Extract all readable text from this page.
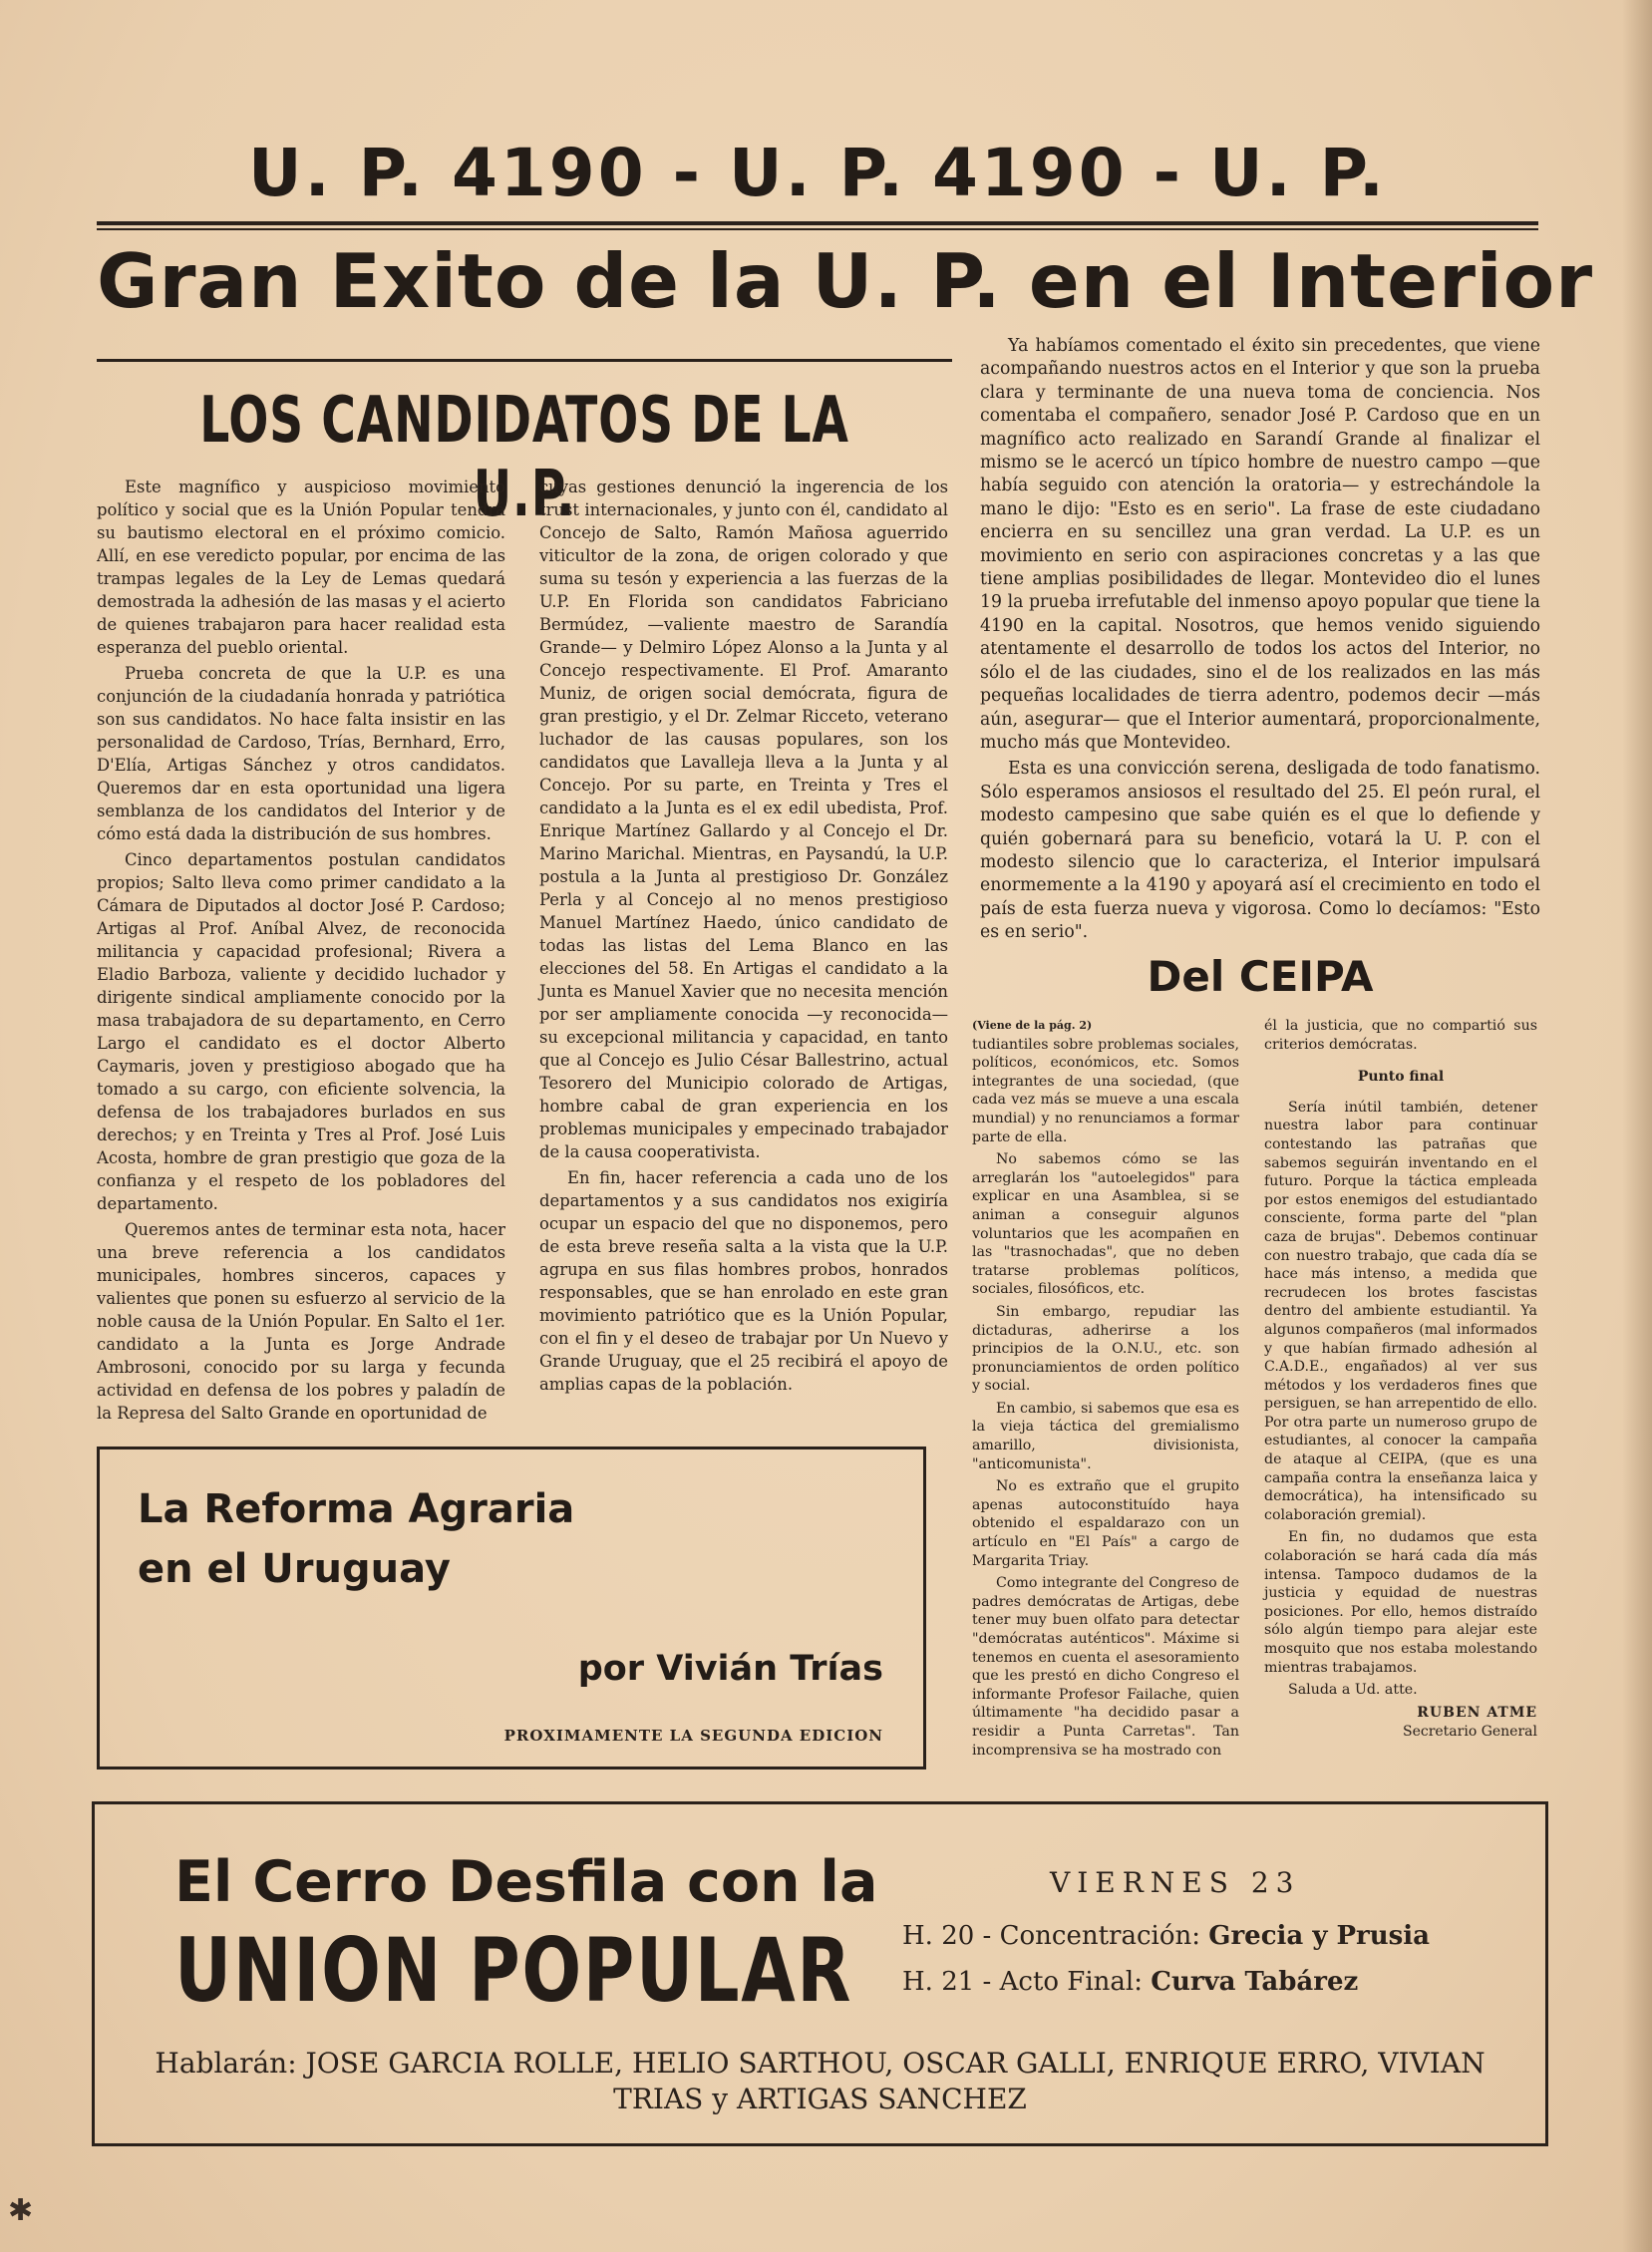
U. P. 4190 - U. P. 4190 - U. P.
Gran Exito de la U. P. en el Interior
LOS CANDIDATOS DE LA U.P.

Este magnífico y auspicioso movimiento político y social que es la Unión Popular tendrá su bautismo electoral en el próximo comicio. Allí, en ese veredicto popular, por encima de las trampas legales de la Ley de Lemas quedará demostrada la adhesión de las masas y el acierto de quienes trabajaron para hacer realidad esta esperanza del pueblo oriental.

Prueba concreta de que la U.P. es una conjunción de la ciudadanía honrada y patriótica son sus candidatos. No hace falta insistir en las personalidad de Cardoso, Trías, Bernhard, Erro, D'Elía, Artigas Sánchez y otros candidatos. Queremos dar en esta oportunidad una ligera semblanza de los candidatos del Interior y de cómo está dada la distribución de sus hombres.

Cinco departamentos postulan candidatos propios; Salto lleva como primer candidato a la Cámara de Diputados al doctor José P. Cardoso; Artigas al Prof. Aníbal Alvez, de reconocida militancia y capacidad profesional; Rivera a Eladio Barboza, valiente y decidido luchador y dirigente sindical ampliamente conocido por la masa trabajadora de su departamento, en Cerro Largo el candidato es el doctor Alberto Caymaris, joven y prestigioso abogado que ha tomado a su cargo, con eficiente solvencia, la defensa de los trabajadores burlados en sus derechos; y en Treinta y Tres al Prof. José Luis Acosta, hombre de gran prestigio que goza de la confianza y el respeto de los pobladores del departamento.

Queremos antes de terminar esta nota, hacer una breve referencia a los candidatos municipales, hombres sinceros, capaces y valientes que ponen su esfuerzo al servicio de la noble causa de la Unión Popular. En Salto el 1er. candidato a la Junta es Jorge Andrade Ambrosoni, conocido por su larga y fecunda actividad en defensa de los pobres y paladín de la Represa del Salto Grande en oportunidad de

cuyas gestiones denunció la ingerencia de los trust internacionales, y junto con él, candidato al Concejo de Salto, Ramón Mañosa aguerrido viticultor de la zona, de origen colorado y que suma su tesón y experiencia a las fuerzas de la U.P. En Florida son candidatos Fabriciano Bermúdez, —valiente maestro de Sarandía Grande— y Delmiro López Alonso a la Junta y al Concejo respectivamente. El Prof. Amaranto Muniz, de origen social demócrata, figura de gran prestigio, y el Dr. Zelmar Ricceto, veterano luchador de las causas populares, son los candidatos que Lavalleja lleva a la Junta y al Concejo. Por su parte, en Treinta y Tres el candidato a la Junta es el ex edil ubedista, Prof. Enrique Martínez Gallardo y al Concejo el Dr. Marino Marichal. Mientras, en Paysandú, la U.P. postula a la Junta al prestigioso Dr. González Perla y al Concejo al no menos prestigioso Manuel Martínez Haedo, único candidato de todas las listas del Lema Blanco en las elecciones del 58. En Artigas el candidato a la Junta es Manuel Xavier que no necesita mención por ser ampliamente conocida —y reconocida— su excepcional militancia y capacidad, en tanto que al Concejo es Julio César Ballestrino, actual Tesorero del Municipio colorado de Artigas, hombre cabal de gran experiencia en los problemas municipales y empecinado trabajador de la causa cooperativista.

En fin, hacer referencia a cada uno de los departamentos y a sus candidatos nos exigiría ocupar un espacio del que no disponemos, pero de esta breve reseña salta a la vista que la U.P. agrupa en sus filas hombres probos, honrados responsables, que se han enrolado en este gran movimiento patriótico que es la Unión Popular, con el fin y el deseo de trabajar por Un Nuevo y Grande Uruguay, que el 25 recibirá el apoyo de amplias capas de la población.

Ya habíamos comentado el éxito sin precedentes, que viene acompañando nuestros actos en el Interior y que son la prueba clara y terminante de una nueva toma de conciencia. Nos comentaba el compañero, senador José P. Cardoso que en un magnífico acto realizado en Sarandí Grande al finalizar el mismo se le acercó un típico hombre de nuestro campo —que había seguido con atención la oratoria— y estrechándole la mano le dijo: "Esto es en serio". La frase de este ciudadano encierra en su sencillez una gran verdad. La U.P. es un movimiento en serio con aspiraciones concretas y a las que tiene amplias posibilidades de llegar. Montevideo dio el lunes 19 la prueba irrefutable del inmenso apoyo popular que tiene la 4190 en la capital. Nosotros, que hemos venido siguiendo atentamente el desarrollo de todos los actos del Interior, no sólo el de las ciudades, sino el de los realizados en las más pequeñas localidades de tierra adentro, podemos decir —más aún, asegurar— que el Interior aumentará, proporcionalmente, mucho más que Montevideo.

Esta es una convicción serena, desligada de todo fanatismo. Sólo esperamos ansiosos el resultado del 25. El peón rural, el modesto campesino que sabe quién es el que lo defiende y quién gobernará para su beneficio, votará la U. P. con el modesto silencio que lo caracteriza, el Interior impulsará enormemente a la 4190 y apoyará así el crecimiento en todo el país de esta fuerza nueva y vigorosa. Como lo decíamos: "Esto es en serio".

Del CEIPA

(Viene de la pág. 2)

tudiantiles sobre problemas sociales, políticos, económicos, etc. Somos integrantes de una sociedad, (que cada vez más se mueve a una escala mundial) y no renunciamos a formar parte de ella.

No sabemos cómo se las arreglarán los "autoelegidos" para explicar en una Asamblea, si se animan a conseguir algunos voluntarios que les acompañen en las "trasnochadas", que no deben tratarse problemas políticos, sociales, filosóficos, etc.

Sin embargo, repudiar las dictaduras, adherirse a los principios de la O.N.U., etc. son pronunciamientos de orden político y social.

En cambio, si sabemos que esa es la vieja táctica del gremialismo amarillo, divisionista, "anticomunista".

No es extraño que el grupito apenas autoconstituído haya obtenido el espaldarazo con un artículo en "El País" a cargo de Margarita Triay.

Como integrante del Congreso de padres demócratas de Artigas, debe tener muy buen olfato para detectar "demócratas auténticos". Máxime si tenemos en cuenta el asesoramiento que les prestó en dicho Congreso el informante Profesor Failache, quien últimamente "ha decidido pasar a residir a Punta Carretas". Tan incomprensiva se ha mostrado con

él la justicia, que no compartió sus criterios demócratas.

Punto final

Sería inútil también, detener nuestra labor para continuar contestando las patrañas que sabemos seguirán inventando en el futuro. Porque la táctica empleada por estos enemigos del estudiantado consciente, forma parte del "plan caza de brujas". Debemos continuar con nuestro trabajo, que cada día se hace más intenso, a medida que recrudecen los brotes fascistas dentro del ambiente estudiantil. Ya algunos compañeros (mal informados y que habían firmado adhesión al C.A.D.E., engañados) al ver sus métodos y los verdaderos fines que persiguen, se han arrepentido de ello. Por otra parte un numeroso grupo de estudiantes, al conocer la campaña de ataque al CEIPA, (que es una campaña contra la enseñanza laica y democrática), ha intensificado su colaboración gremial).

En fin, no dudamos que esta colaboración se hará cada día más intensa. Tampoco dudamos de la justicia y equidad de nuestras posiciones. Por ello, hemos distraído sólo algún tiempo para alejar este mosquito que nos estaba molestando mientras trabajamos.

Saluda a Ud. atte.

RUBEN ATME
Secretario General
La Reforma Agraria
en el Uruguay
por Vivián Trías
PROXIMAMENTE LA SEGUNDA EDICION
El Cerro Desfila con la
UNION POPULAR
VIERNES 23
H. 20 - Concentración: Grecia y Prusia
H. 21 - Acto Final: Curva Tabárez
Hablarán: JOSE GARCIA ROLLE, HELIO SARTHOU, OSCAR GALLI, ENRIQUE ERRO, VIVIAN
TRIAS y ARTIGAS SANCHEZ
✱
